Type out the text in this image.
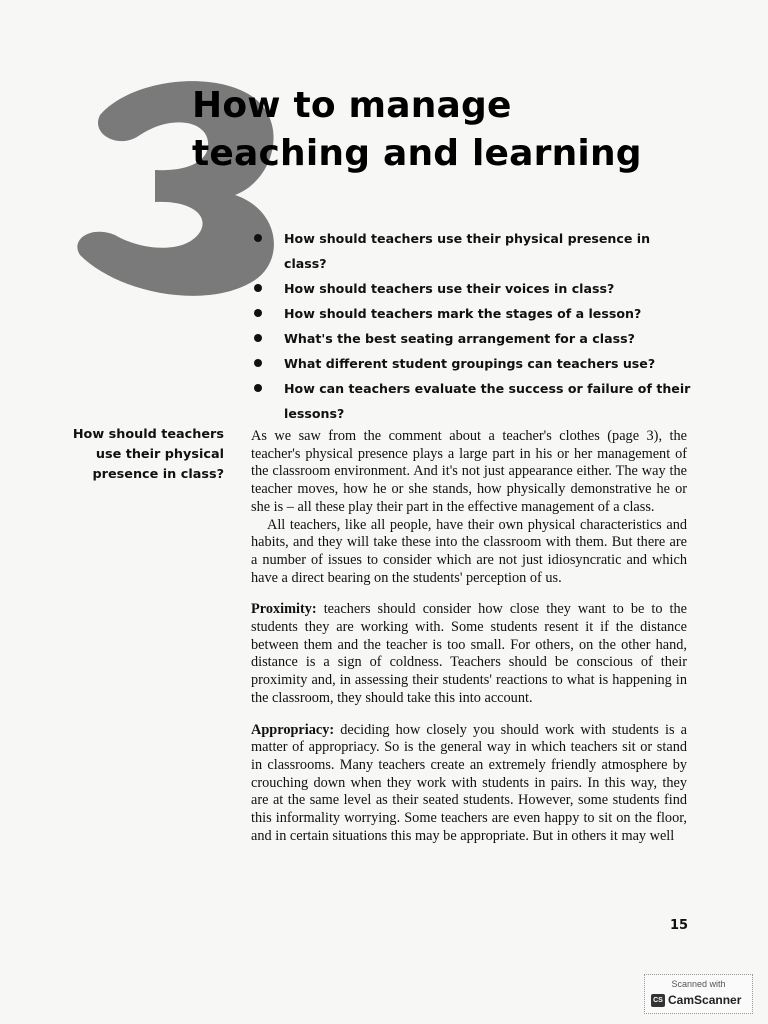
How to manage
teaching and learning
How should teachers use their physical presence in class?
How should teachers use their voices in class?
How should teachers mark the stages of a lesson?
What's the best seating arrangement for a class?
What different student groupings can teachers use?
How can teachers evaluate the success or failure of their lessons?
How should teachers use their physical presence in class?

As we saw from the comment about a teacher's clothes (page 3), the teacher's physical presence plays a large part in his or her management of the classroom environment. And it's not just appearance either. The way the teacher moves, how he or she stands, how physically demonstrative he or she is – all these play their part in the effective management of a class.

All teachers, like all people, have their own physical characteristics and habits, and they will take these into the classroom with them. But there are a number of issues to consider which are not just idiosyncratic and which have a direct bearing on the students' perception of us.

Proximity: teachers should consider how close they want to be to the students they are working with. Some students resent it if the distance between them and the teacher is too small. For others, on the other hand, distance is a sign of coldness. Teachers should be conscious of their proximity and, in assessing their students' reactions to what is happening in the classroom, they should take this into account.

Appropriacy: deciding how closely you should work with students is a matter of appropriacy. So is the general way in which teachers sit or stand in classrooms. Many teachers create an extremely friendly atmosphere by crouching down when they work with students in pairs. In this way, they are at the same level as their seated students. However, some students find this informality worrying. Some teachers are even happy to sit on the floor, and in certain situations this may be appropriate. But in others it may well

15
Scanned with
CS CamScanner
